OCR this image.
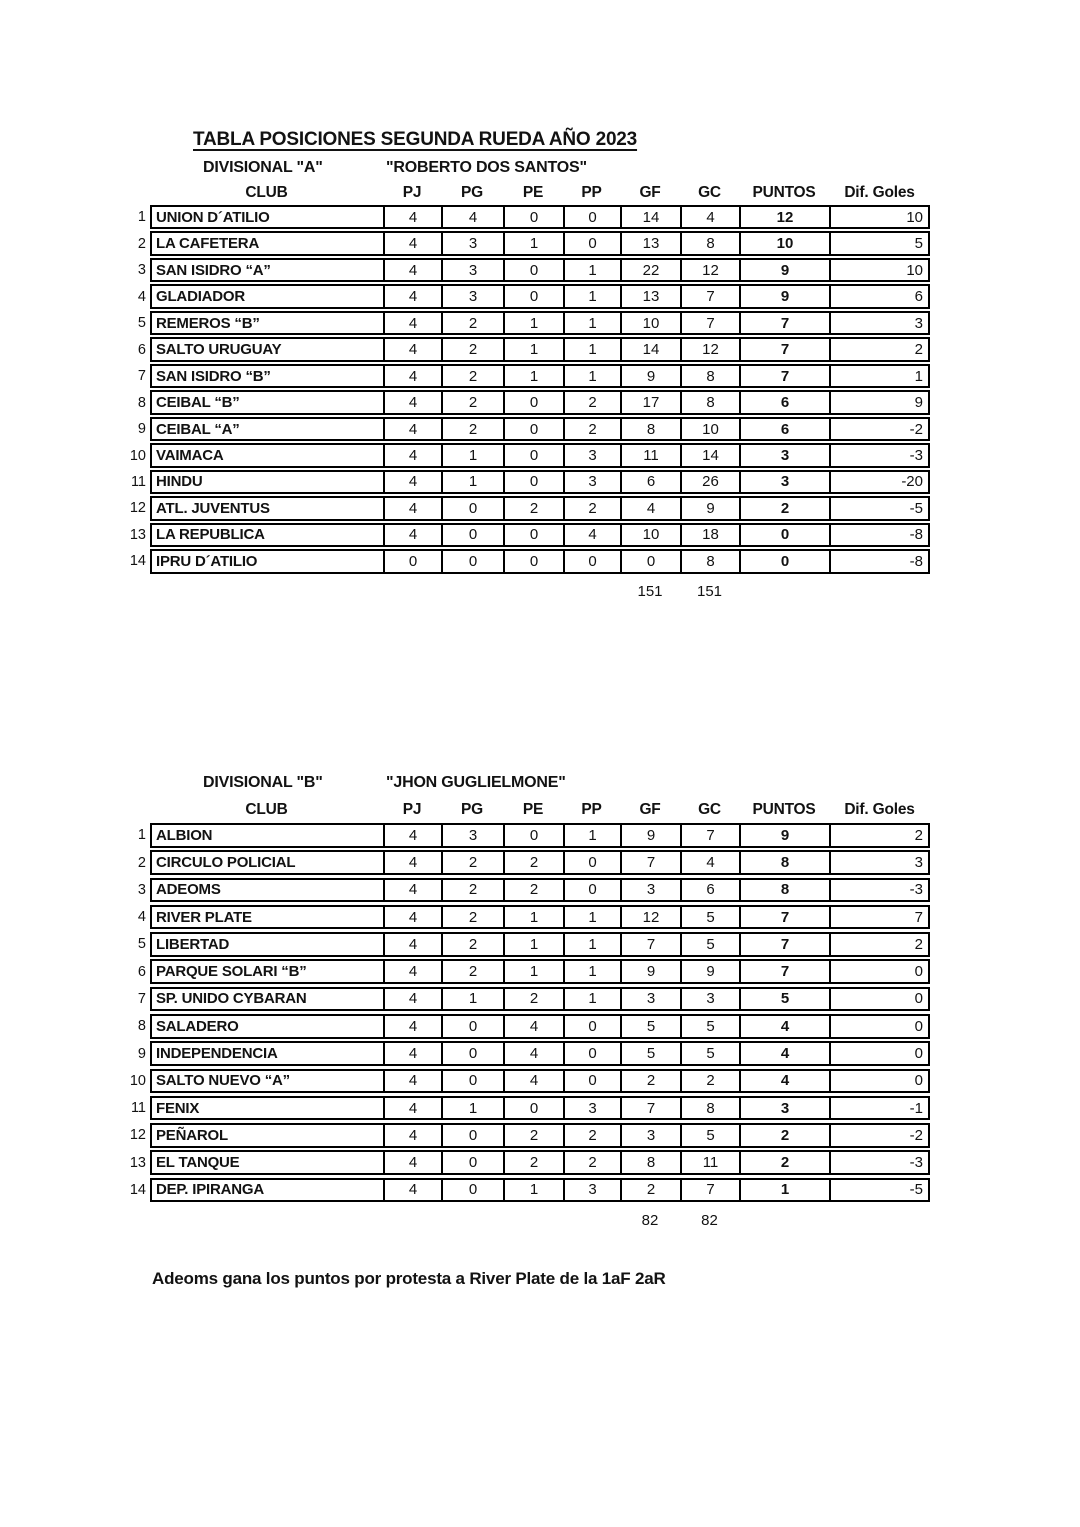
TABLA POSICIONES SEGUNDA RUEDA AÑO 2023
DIVISIONAL "A"	"ROBERTO DOS SANTOS"
CLUB	PJ	PG	PE	PP	GF	GC	PUNTOS	Dif. Goles
1 UNION D´ATILIO	4	4	0	0	14	4	12	10
2 LA CAFETERA	4	3	1	0	13	8	10	5
3 SAN ISIDRO “A”	4	3	0	1	22	12	9	10
4 GLADIADOR	4	3	0	1	13	7	9	6
5 REMEROS “B”	4	2	1	1	10	7	7	3
6 SALTO URUGUAY	4	2	1	1	14	12	7	2
7 SAN ISIDRO “B”	4	2	1	1	9	8	7	1
8 CEIBAL “B”	4	2	0	2	17	8	6	9
9 CEIBAL “A”	4	2	0	2	8	10	6	-2
10 VAIMACA	4	1	0	3	11	14	3	-3
11 HINDU	4	1	0	3	6	26	3	-20
12 ATL. JUVENTUS	4	0	2	2	4	9	2	-5
13 LA REPUBLICA	4	0	0	4	10	18	0	-8
14 IPRU D´ATILIO	0	0	0	0	0	8	0	-8
151	151
DIVISIONAL "B"	"JHON GUGLIELMONE"
CLUB	PJ	PG	PE	PP	GF	GC	PUNTOS	Dif. Goles
1 ALBION	4	3	0	1	9	7	9	2
2 CIRCULO POLICIAL	4	2	2	0	7	4	8	3
3 ADEOMS	4	2	2	0	3	6	8	-3
4 RIVER PLATE	4	2	1	1	12	5	7	7
5 LIBERTAD	4	2	1	1	7	5	7	2
6 PARQUE SOLARI “B”	4	2	1	1	9	9	7	0
7 SP. UNIDO CYBARAN	4	1	2	1	3	3	5	0
8 SALADERO	4	0	4	0	5	5	4	0
9 INDEPENDENCIA	4	0	4	0	5	5	4	0
10 SALTO NUEVO “A”	4	0	4	0	2	2	4	0
11 FENIX	4	1	0	3	7	8	3	-1
12 PEÑAROL	4	0	2	2	3	5	2	-2
13 EL TANQUE	4	0	2	2	8	11	2	-3
14 DEP. IPIRANGA	4	0	1	3	2	7	1	-5
82	82
Adeoms gana los puntos por protesta a River Plate de la 1aF 2aR
